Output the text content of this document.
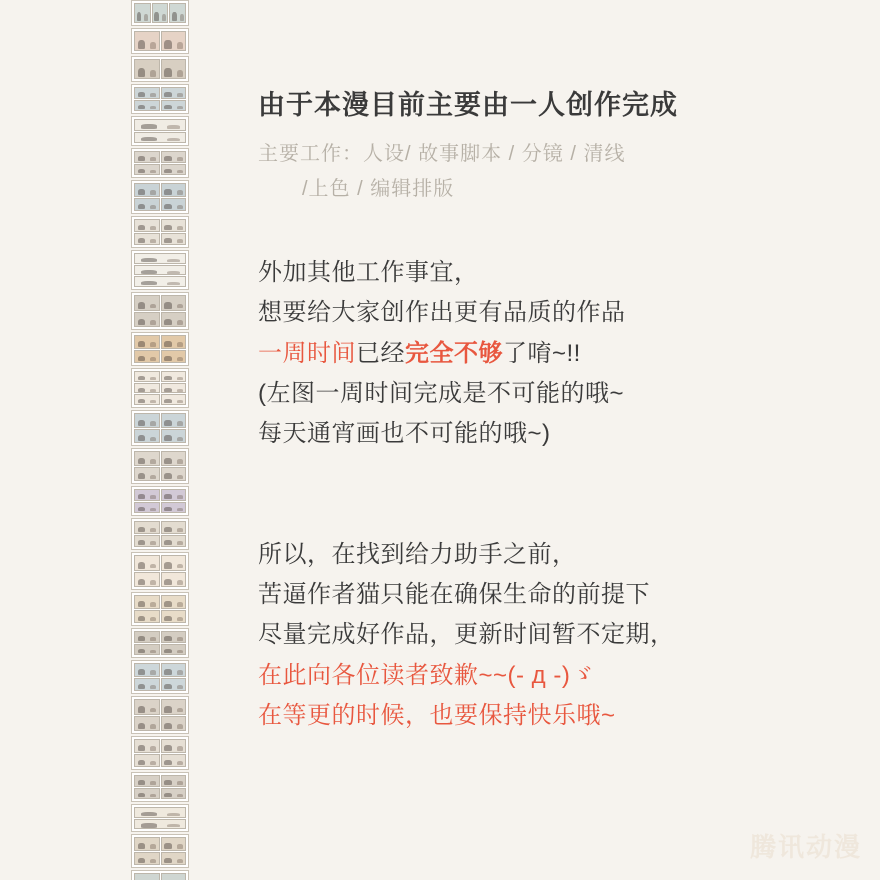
由于本漫目前主要由一人创作完成
主要工作：人设/ 故事脚本 / 分镜 / 清线
/上色 / 编辑排版
外加其他工作事宜，
想要给大家创作出更有品质的作品
一周时间已经完全不够了唷~!!
(左图一周时间完成是不可能的哦~
每天通宵画也不可能的哦~)
所以，在找到给力助手之前，
苦逼作者猫只能在确保生命的前提下
尽量完成好作品，更新时间暂不定期，
在此向各位读者致歉~~(- д -)ゞ
在等更的时候，也要保持快乐哦~
腾讯动漫
